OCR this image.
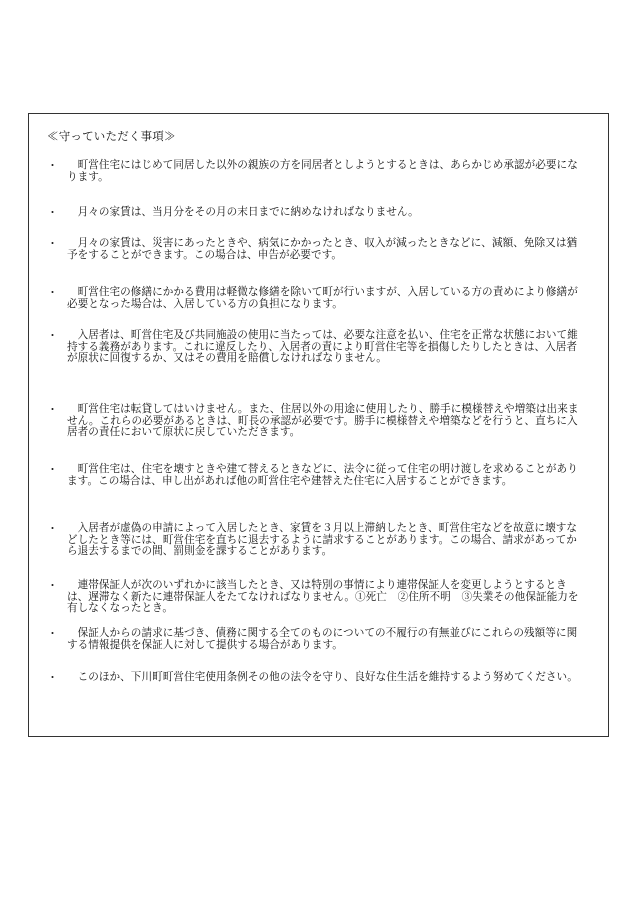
≪守っていただく事項≫
・	町営住宅にはじめて同居した以外の親族の方を同居者としようとするときは、あらかじめ承認が必要になります。
・	月々の家賃は、当月分をその月の末日までに納めなければなりません。
・	月々の家賃は、災害にあったときや、病気にかかったとき、収入が減ったときなどに、減額、免除又は猶予をすることができます。この場合は、申告が必要です。
・	町営住宅の修繕にかかる費用は軽微な修繕を除いて町が行いますが、入居している方の責めにより修繕が必要となった場合は、入居している方の負担になります。
・	入居者は、町営住宅及び共同施設の使用に当たっては、必要な注意を払い、住宅を正常な状態において維持する義務があります。これに違反したり、入居者の責により町営住宅等を損傷したりしたときは、入居者が原状に回復するか、又はその費用を賠償しなければなりません。
・	町営住宅は転貸してはいけません。また、住居以外の用途に使用したり、勝手に模様替えや増築は出来ません。これらの必要があるときは、町長の承認が必要です。勝手に模様替えや増築などを行うと、直ちに入居者の責任において原状に戻していただきます。
・	町営住宅は、住宅を壊すときや建て替えるときなどに、法令に従って住宅の明け渡しを求めることがあります。この場合は、申し出があれば他の町営住宅や建替えた住宅に入居することができます。
・	入居者が虚偽の申請によって入居したとき、家賃を３月以上滞納したとき、町営住宅などを故意に壊すなどしたとき等には、町営住宅を直ちに退去するように請求することがあります。この場合、請求があってから退去するまでの間、罰則金を課することがあります。
・	連帯保証人が次のいずれかに該当したとき、又は特別の事情により連帯保証人を変更しようとするときは、遅滞なく新たに連帯保証人をたてなければなりません。①死亡　②住所不明　③失業その他保証能力を有しなくなったとき。
・	保証人からの請求に基づき、債務に関する全てのものについての不履行の有無並びにこれらの残額等に関する情報提供を保証人に対して提供する場合があります。
・	このほか、下川町町営住宅使用条例その他の法令を守り、良好な住生活を維持するよう努めてください。
